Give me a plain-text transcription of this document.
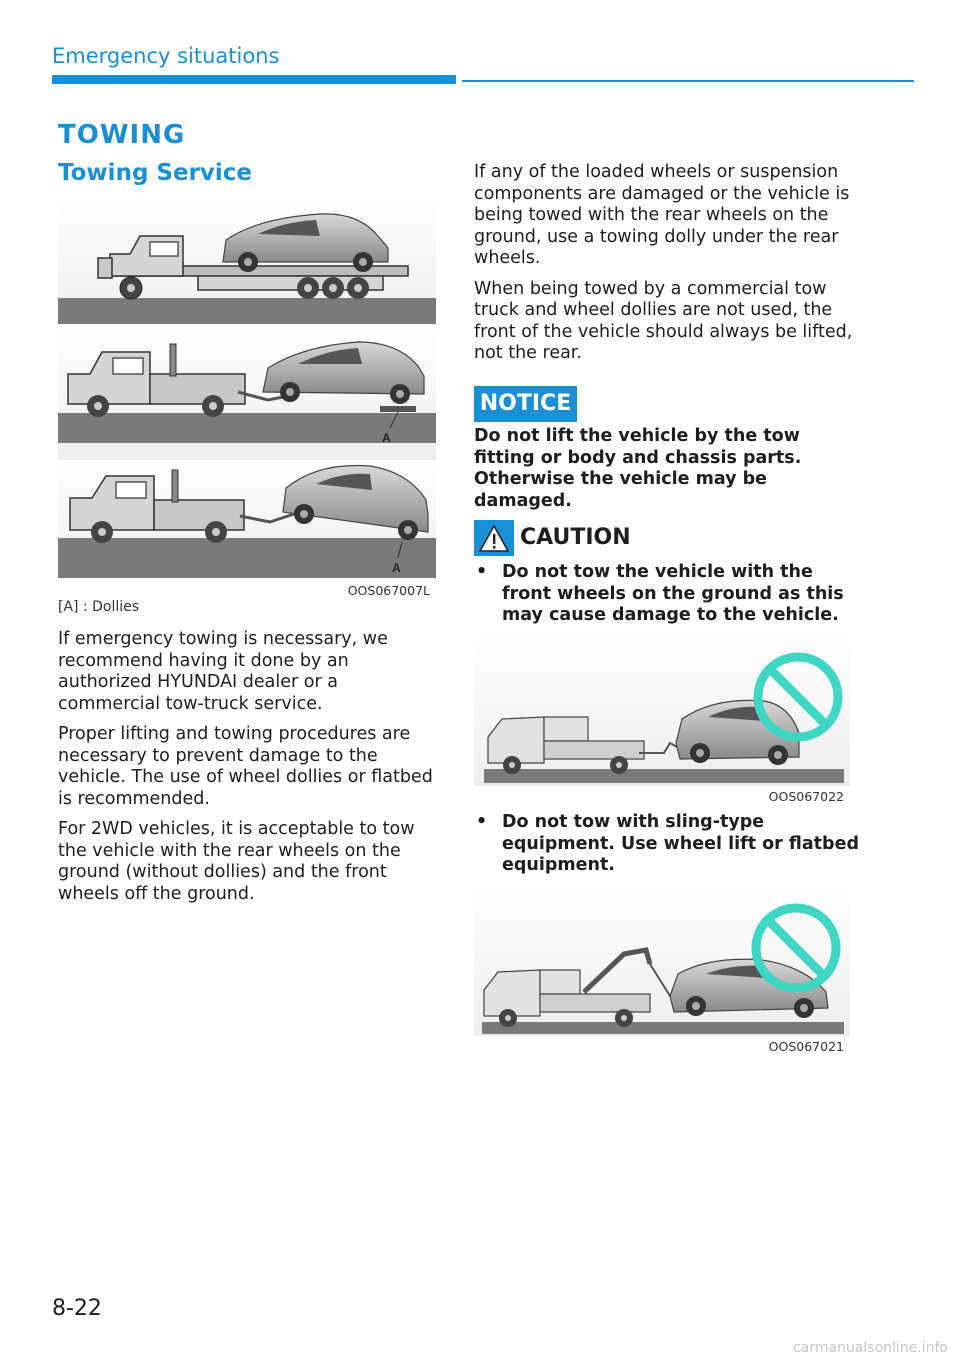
Emergency situations
TOWING
Towing Service
A
A
OOS067007L
[A] : Dollies

If emergency towing is necessary, we recommend having it done by an authorized HYUNDAI dealer or a commercial tow-truck service.

Proper lifting and towing procedures are necessary to prevent damage to the vehicle. The use of wheel dollies or flatbed is recommended.

For 2WD vehicles, it is acceptable to tow the vehicle with the rear wheels on the ground (without dollies) and the front wheels off the ground.

If any of the loaded wheels or suspension components are damaged or the vehicle is being towed with the rear wheels on the ground, use a towing dolly under the rear wheels.

When being towed by a commercial tow truck and wheel dollies are not used, the front of the vehicle should always be lifted, not the rear.

NOTICE
Do not lift the vehicle by the tow fitting or body and chassis parts. Otherwise the vehicle may be damaged.
CAUTION
• Do not tow the vehicle with the front wheels on the ground as this may cause damage to the vehicle.
OOS067022
• Do not tow with sling-type equipment. Use wheel lift or flatbed equipment.
OOS067021
8-22
carmanualsonline.info
